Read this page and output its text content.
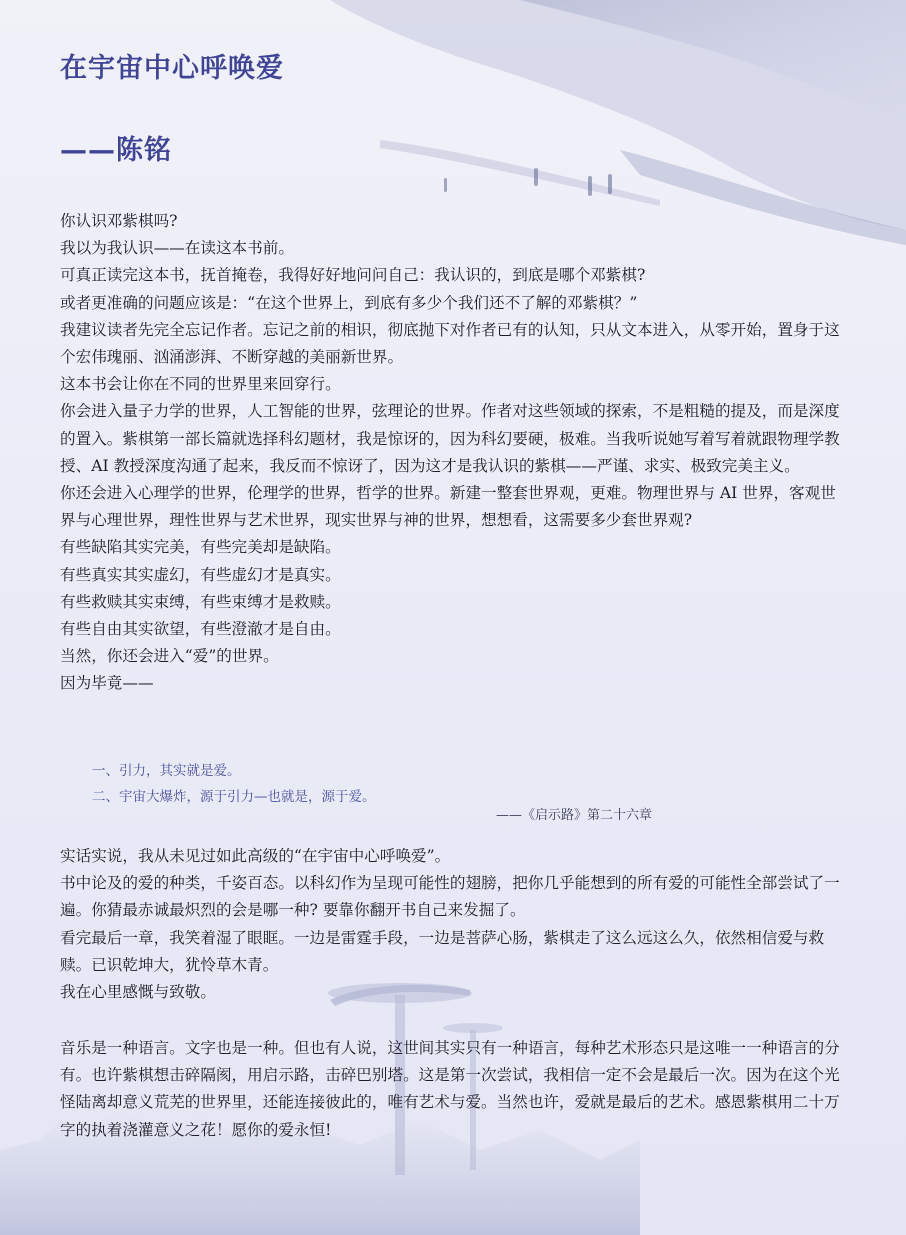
在宇宙中心呼唤爱
——陈铭

你认识邓紫棋吗?

我以为我认识——在读这本书前。

可真正读完这本书，抚首掩卷，我得好好地问问自己：我认识的，到底是哪个邓紫棋?

或者更准确的问题应该是：“在这个世界上，到底有多少个我们还不了解的邓紫棋？”

我建议读者先完全忘记作者。忘记之前的相识，彻底抛下对作者已有的认知，只从文本进入，从零开始，置身于这个宏伟瑰丽、汹涌澎湃、不断穿越的美丽新世界。

这本书会让你在不同的世界里来回穿行。

你会进入量子力学的世界，人工智能的世界，弦理论的世界。作者对这些领域的探索，不是粗糙的提及，而是深度的置入。紫棋第一部长篇就选择科幻题材，我是惊讶的，因为科幻要硬，极难。当我听说她写着写着就跟物理学教授、AI 教授深度沟通了起来，我反而不惊讶了，因为这才是我认识的紫棋——严谨、求实、极致完美主义。

你还会进入心理学的世界，伦理学的世界，哲学的世界。新建一整套世界观，更难。物理世界与 AI 世界，客观世界与心理世界，理性世界与艺术世界，现实世界与神的世界，想想看，这需要多少套世界观?

有些缺陷其实完美，有些完美却是缺陷。

有些真实其实虚幻，有些虚幻才是真实。

有些救赎其实束缚，有些束缚才是救赎。

有些自由其实欲望，有些澄澈才是自由。

当然，你还会进入“爱”的世界。

因为毕竟——

一、引力，其实就是爱。

二、宇宙大爆炸，源于引力—也就是，源于爱。

——《启示路》第二十六章

实话实说，我从未见过如此高级的“在宇宙中心呼唤爱”。

书中论及的爱的种类，千姿百态。以科幻作为呈现可能性的翅膀，把你几乎能想到的所有爱的可能性全部尝试了一遍。你猜最赤诚最炽烈的会是哪一种? 要靠你翻开书自己来发掘了。

看完最后一章，我笑着湿了眼眶。一边是雷霆手段，一边是菩萨心肠，紫棋走了这么远这么久，依然相信爱与救赎。已识乾坤大，犹怜草木青。

我在心里感慨与致敬。

音乐是一种语言。文字也是一种。但也有人说，这世间其实只有一种语言，每种艺术形态只是这唯一一种语言的分有。也许紫棋想击碎隔阂，用启示路，击碎巴别塔。这是第一次尝试，我相信一定不会是最后一次。因为在这个光怪陆离却意义荒芜的世界里，还能连接彼此的，唯有艺术与爱。当然也许，爱就是最后的艺术。感恩紫棋用二十万字的执着浇灌意义之花！愿你的爱永恒!
